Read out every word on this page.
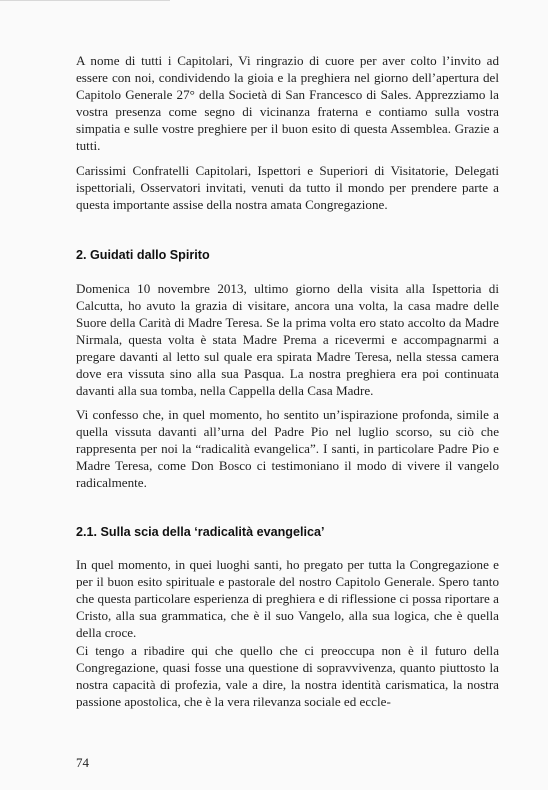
A nome di tutti i Capitolari, Vi ringrazio di cuore per aver colto l’invito ad essere con noi, condividendo la gioia e la preghiera nel giorno dell’apertura del Capitolo Generale 27° della Società di San Francesco di Sales. Apprezziamo la vostra presenza come segno di vicinanza fraterna e contiamo sulla vostra simpatia e sulle vostre preghiere per il buon esito di questa Assemblea. Grazie a tutti.

Carissimi Confratelli Capitolari, Ispettori e Superiori di Visitatorie, Delegati ispettoriali, Osservatori invitati, venuti da tutto il mondo per prendere parte a questa importante assise della nostra amata Congregazione.

2. Guidati dallo Spirito

Domenica 10 novembre 2013, ultimo giorno della visita alla Ispettoria di Calcutta, ho avuto la grazia di visitare, ancora una volta, la casa madre delle Suore della Carità di Madre Teresa. Se la prima volta ero stato accolto da Madre Nirmala, questa volta è stata Madre Prema a ricevermi e accompagnarmi a pregare davanti al letto sul quale era spirata Madre Teresa, nella stessa camera dove era vissuta sino alla sua Pasqua. La nostra preghiera era poi continuata davanti alla sua tomba, nella Cappella della Casa Madre.

Vi confesso che, in quel momento, ho sentito un’ispirazione profonda, simile a quella vissuta davanti all’urna del Padre Pio nel luglio scorso, su ciò che rappresenta per noi la “radicalità evangelica”. I santi, in particolare Padre Pio e Madre Teresa, come Don Bosco ci testimoniano il modo di vivere il vangelo radicalmente.

2.1. Sulla scia della ‘radicalità evangelica’

In quel momento, in quei luoghi santi, ho pregato per tutta la Congregazione e per il buon esito spirituale e pastorale del nostro Capitolo Generale. Spero tanto che questa particolare esperienza di preghiera e di riflessione ci possa riportare a Cristo, alla sua grammatica, che è il suo Vangelo, alla sua logica, che è quella della croce.

Ci tengo a ribadire qui che quello che ci preoccupa non è il futuro della Congregazione, quasi fosse una questione di sopravvivenza, quanto piuttosto la nostra capacità di profezia, vale a dire, la nostra identità carismatica, la nostra passione apostolica, che è la vera rilevanza sociale ed eccle-

74
